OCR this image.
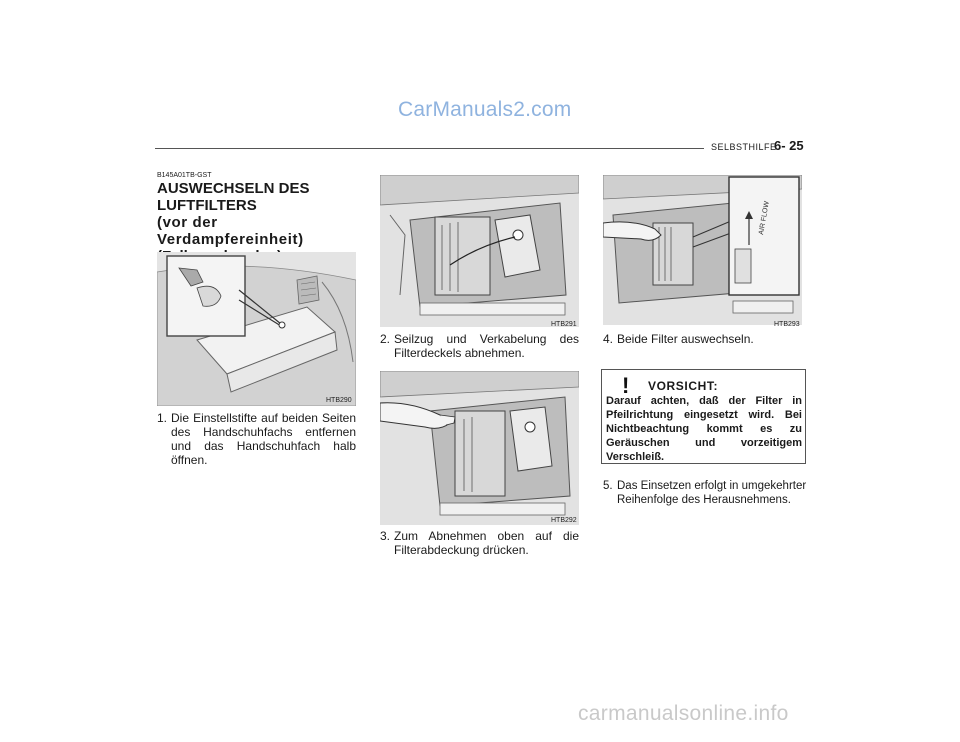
CarManuals2.com
SELBSTHILFE
6- 25
B145A01TB-GST
AUSWECHSELN DES
LUFTFILTERS
(vor der Verdampfereinheit)
HTB290
1. Die Einstellstifte auf beiden Seiten des Handschuhfachs entfernen und das Handschuhfach halb öffnen.
HTB291
2. Seilzug und Verkabelung des Filterdeckels abnehmen.
HTB292
3. Zum Abnehmen oben auf die Filterabdeckung drücken.
AIR FLOW
HTB293
4. Beide Filter auswechseln.
! VORSICHT:
Darauf achten, daß der Filter in Pfeilrichtung eingesetzt wird. Bei Nichtbeachtung kommt es zu Geräuschen und vorzeitigem Verschleiß.
5. Das Einsetzen erfolgt in umgekehrter Reihenfolge des Herausnehmens.
carmanualsonline.info
